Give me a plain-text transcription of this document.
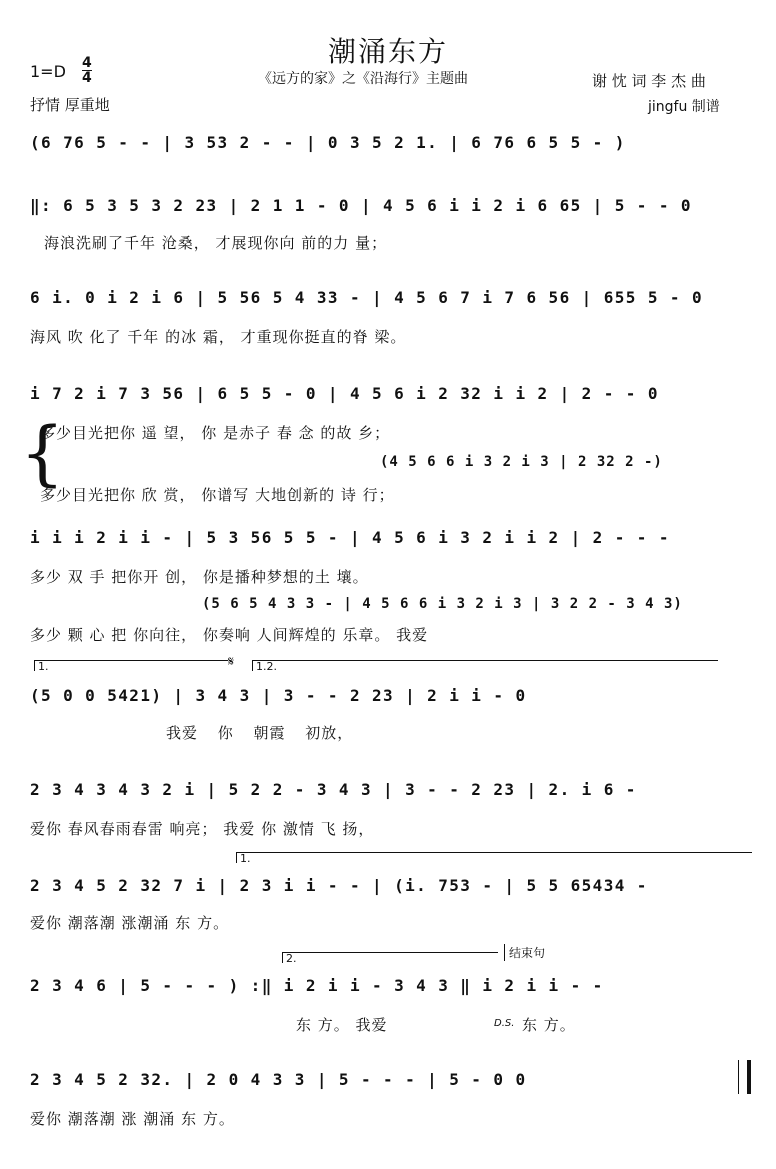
潮涌东方
1=D 4
4	《远方的家》之《沿海行》主题曲	谢 忱 词 李 杰 曲
抒情 厚重地	jingfu 制谱
(6 76 5 - - | 3 53 2 - - | 0 3 5 2 1. | 6 76 6 5 5 - )
‖: 6 5 3 5 3 2 23 | 2 1 1 - 0 | 4 5 6 i i 2 i 6 65 | 5 - - 0
海浪洗刷了千年 沧桑， 才展现你向 前的力 量；
6 i. 0 i 2 i 6 | 5 56 5 4 33 - | 4 5 6 7 i 7 6 56 | 655 5 - 0
海风 吹 化了 千年 的冰 霜， 才重现你挺直的脊 梁。
i 7 2 i 7 3 56 | 6 5 5 - 0 | 4 5 6 i 2 32 i i 2 | 2 - - 0
多少目光把你 遥 望， 你 是赤子 春 念 的故 乡；
(4 5 6 6 i 3 2 i 3 | 2 32 2 -)
多少目光把你 欣 赏， 你谱写 大地创新的 诗 行；
{
i i i 2 i i - | 5 3 56 5 5 - | 4 5 6 i 3 2 i i 2 | 2 - - -
多少 双 手 把你开 创， 你是播种梦想的土 壤。
(5 6 5 4 3 3 - | 4 5 6 6 i 3 2 i 3 | 3 2 2 - 3 4 3)
多少 颗 心 把 你向往， 你奏响 人间辉煌的 乐章。 我爱
1.	𝄋	1.2.
(5 0 0 5421) | 3 4 3 | 3 - - 2 23 | 2 i i - 0
我爱 你 朝霞 初放，
2 3 4 3 4 3 2 i | 5 2 2 - 3 4 3 | 3 - - 2 23 | 2. i 6 -
爱你 春风春雨春雷 响亮； 我爱 你 激情 飞 扬，
1.
2 3 4 5 2 32 7 i | 2 3 i i - - | (i. 753 - | 5 5 65434 -
爱你 潮落潮 涨潮涌 东 方。
2.	结束句
2 3 4 6 | 5 - - - ) :‖ i 2 i i - 3 4 3 ‖ i 2 i i - -
东 方。 我爱	D.S. 东 方。
2 3 4 5 2 32. | 2 0 4 3 3 | 5 - - - | 5 - 0 0
爱你 潮落潮 涨 潮涌 东 方。
